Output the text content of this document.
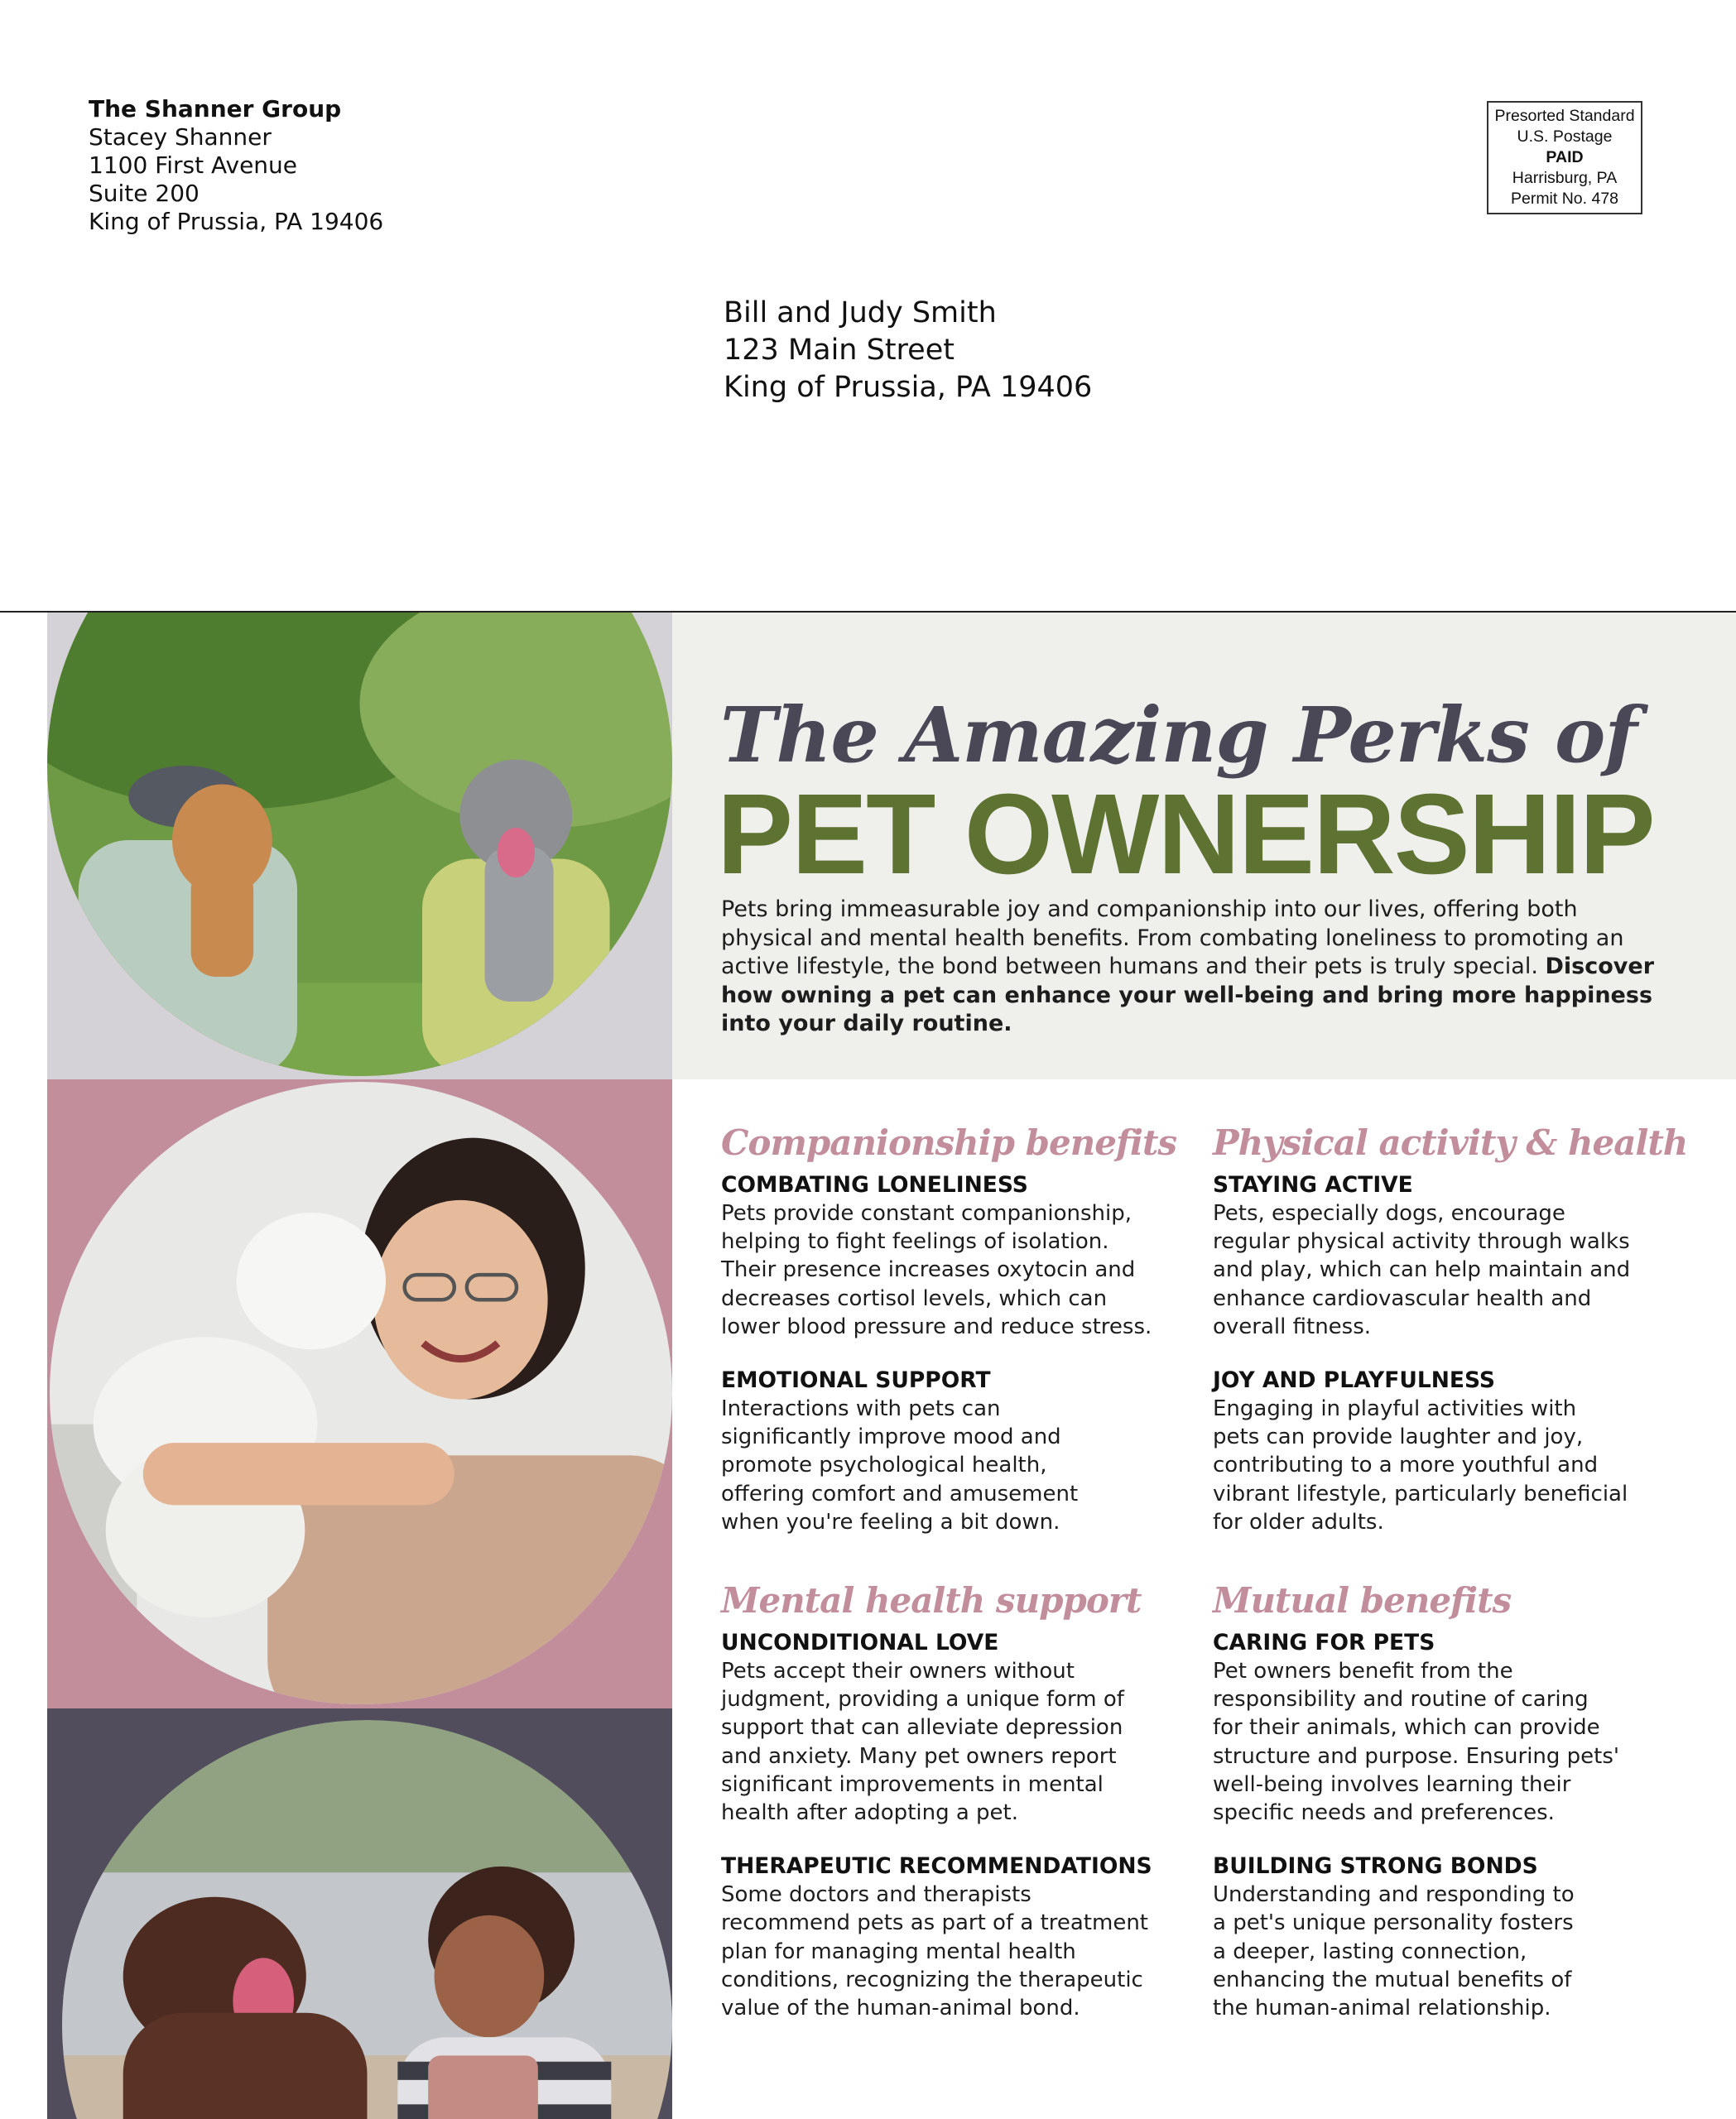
The Shanner Group
Stacey Shanner
1100 First Avenue
Suite 200
King of Prussia, PA 19406
Presorted Standard
U.S. Postage
PAID
Harrisburg, PA
Permit No. 478
Bill and Judy Smith
123 Main Street
King of Prussia, PA 19406
The Amazing Perks of
PET OWNERSHIP
Pets bring immeasurable joy and companionship into our lives, offering both physical and mental health benefits. From combating loneliness to promoting an active lifestyle, the bond between humans and their pets is truly special. Discover how owning a pet can enhance your well-being and bring more happiness into your daily routine.
Companionship benefits
COMBATING LONELINESS

Pets provide constant companionship,
helping to fight feelings of isolation.
Their presence increases oxytocin and
decreases cortisol levels, which can
lower blood pressure and reduce stress.

EMOTIONAL SUPPORT

Interactions with pets can
significantly improve mood and
promote psychological health,
offering comfort and amusement
when you're feeling a bit down.

Physical activity & health
STAYING ACTIVE

Pets, especially dogs, encourage
regular physical activity through walks
and play, which can help maintain and
enhance cardiovascular health and
overall fitness.

JOY AND PLAYFULNESS

Engaging in playful activities with
pets can provide laughter and joy,
contributing to a more youthful and
vibrant lifestyle, particularly beneficial
for older adults.

Mental health support
UNCONDITIONAL LOVE

Pets accept their owners without
judgment, providing a unique form of
support that can alleviate depression
and anxiety. Many pet owners report
significant improvements in mental
health after adopting a pet.

THERAPEUTIC RECOMMENDATIONS

Some doctors and therapists
recommend pets as part of a treatment
plan for managing mental health
conditions, recognizing the therapeutic
value of the human-animal bond.

Mutual benefits
CARING FOR PETS

Pet owners benefit from the
responsibility and routine of caring
for their animals, which can provide
structure and purpose. Ensuring pets'
well-being involves learning their
specific needs and preferences.

BUILDING STRONG BONDS

Understanding and responding to
a pet's unique personality fosters
a deeper, lasting connection,
enhancing the mutual benefits of
the human-animal relationship.
